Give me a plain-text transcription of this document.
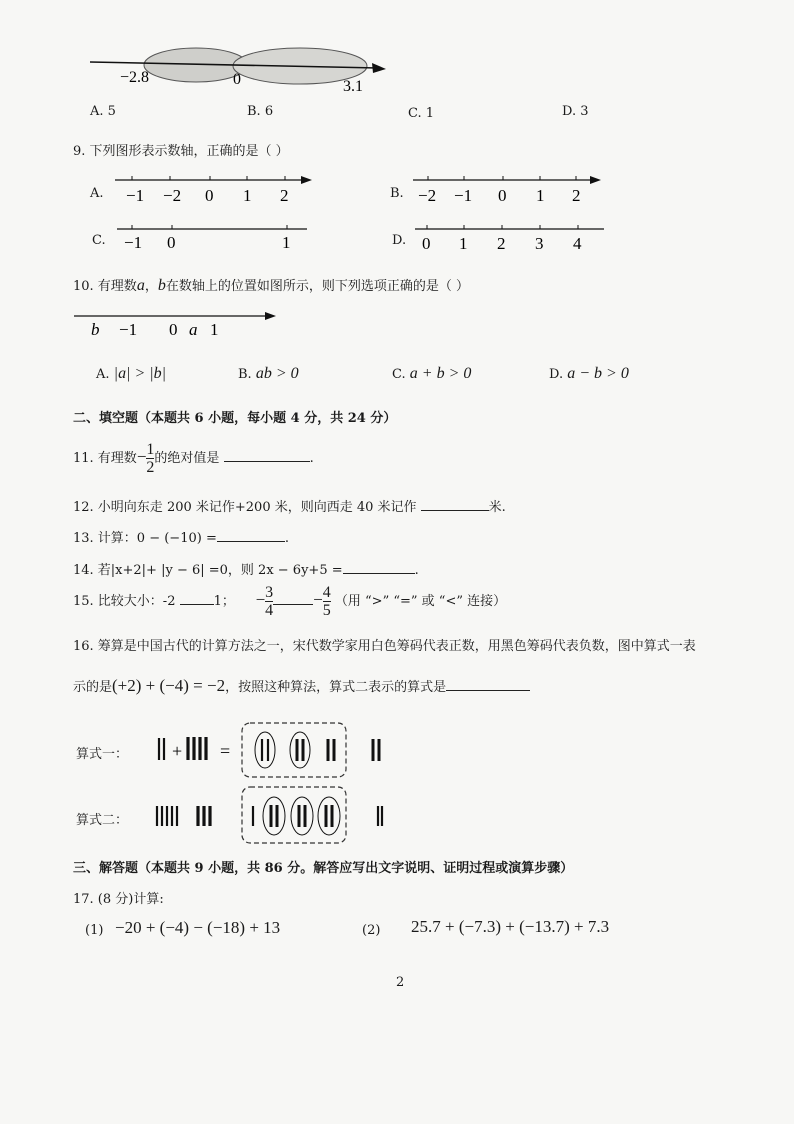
−2.8	0	3.1
A. 5	B. 6	C. 1	D. 3
9. 下列图形表示数轴，正确的是（ ）
A. −1 −2 0 1 2	B. −2 −1 0 1 2
C. −1 0	1	D. 0 1 2 3 4
10. 有理数a，b在数轴上的位置如图所示，则下列选项正确的是（ ）
b −1 0 a 1
A. |a| > |b|	B. ab > 0	C. a + b > 0	D. a − b > 0
二、填空题（本题共 6 小题，每小题 4 分，共 24 分）
11. 有理数− $\frac{1}{2}$ 的绝对值是	.
12. 小明向东走 200 米记作+200 米，则向西走 40 米记作	米.
13. 计算：0 − (−10) =	.
14. 若|x+2|+ |y − 6| =0，则 2x − 6y+5 =	.
15. 比较大小：-2	1； − $\frac{3}{4} - \frac{4}{5}$ （用 “>” “=” 或 “<” 连接）
16. 筹算是中国古代的计算方法之一，宋代数学家用白色筹码代表正数，用黑色筹码代表负数，图中算式一表
示的是(+2) + (−4) = −2，按照这种算法，算式二表示的算式是
算式一： + =
算式二：
三、解答题（本题共 9 小题，共 86 分。解答应写出文字说明、证明过程或演算步骤）
17. (8 分)计算:
(1) −20 + (−4) − (−18) + 13	(2) 25.7 + (−7.3) + (−13.7) + 7.3
2
